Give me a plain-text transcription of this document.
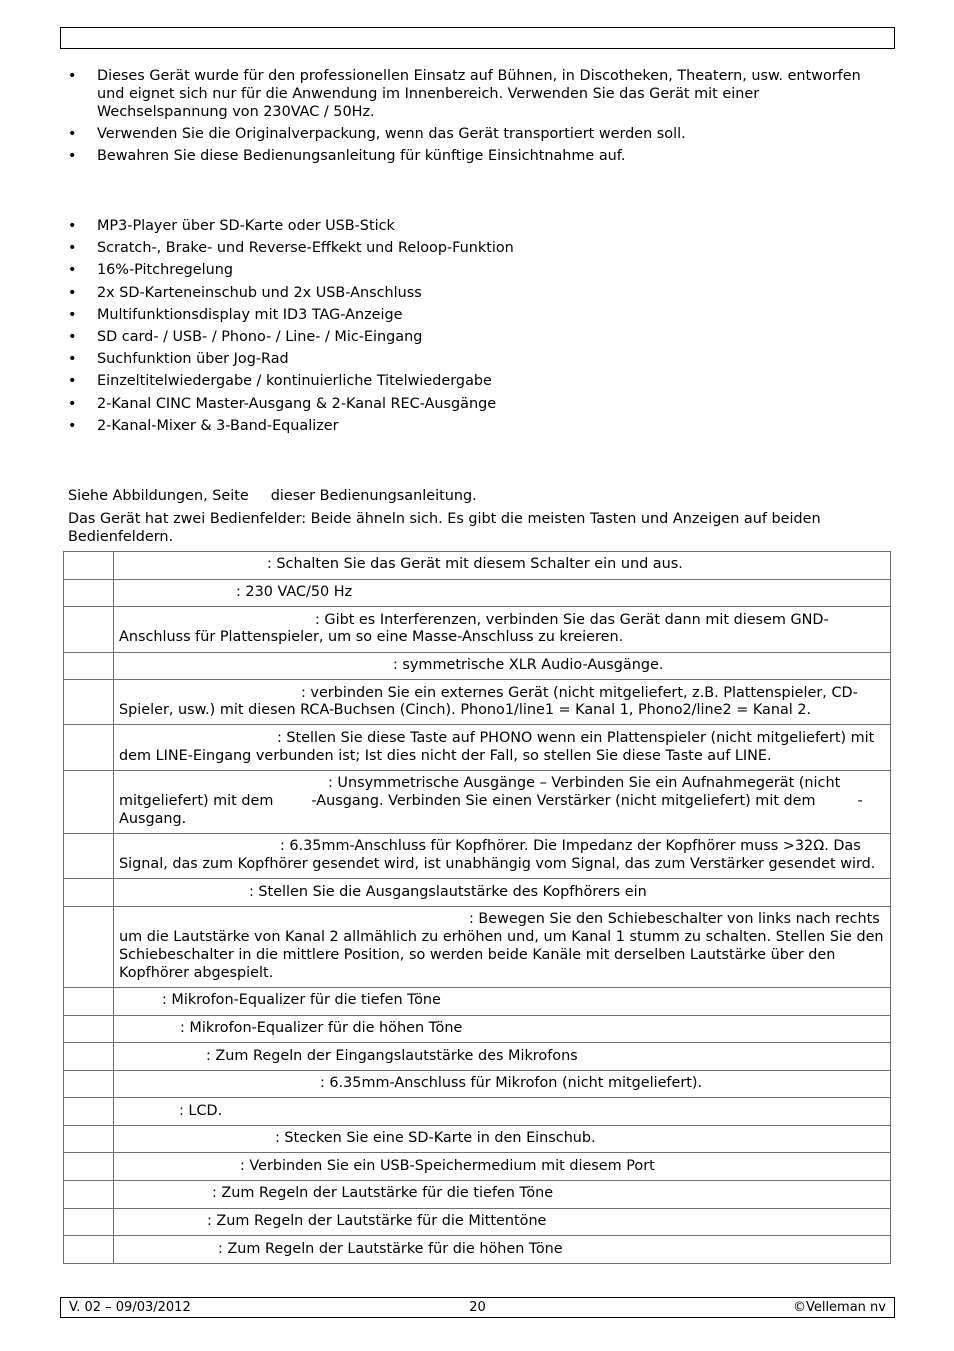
• Dieses Gerät wurde für den professionellen Einsatz auf Bühnen, in Discotheken, Theatern, usw. entworfen und eignet sich nur für die Anwendung im Innenbereich. Verwenden Sie das Gerät mit einer Wechselspannung von 230VAC / 50Hz.
• Verwenden Sie die Originalverpackung, wenn das Gerät transportiert werden soll.
• Bewahren Sie diese Bedienungsanleitung für künftige Einsichtnahme auf.
• MP3-Player über SD-Karte oder USB-Stick
• Scratch-, Brake- und Reverse-Effkekt und Reloop-Funktion
• 16%-Pitchregelung
• 2x SD-Karteneinschub und 2x USB-Anschluss
• Multifunktionsdisplay mit ID3 TAG-Anzeige
• SD card- / USB- / Phono- / Line- / Mic-Eingang
• Suchfunktion über Jog-Rad
• Einzeltitelwiedergabe / kontinuierliche Titelwiedergabe
• 2-Kanal CINC Master-Ausgang & 2-Kanal REC-Ausgänge
• 2-Kanal-Mixer & 3-Band-Equalizer

Siehe Abbildungen, Seite dieser Bedienungsanleitung.

Das Gerät hat zwei Bedienfelder: Beide ähneln sich. Es gibt die meisten Tasten und Anzeigen auf beiden Bedienfeldern.

	: Schalten Sie das Gerät mit diesem Schalter ein und aus.
	: 230 VAC/50 Hz
	: Gibt es Interferenzen, verbinden Sie das Gerät dann mit diesem GND-Anschluss für Plattenspieler, um so eine Masse-Anschluss zu kreieren.
	: symmetrische XLR Audio-Ausgänge.
	: verbinden Sie ein externes Gerät (nicht mitgeliefert, z.B. Plattenspieler, CD-Spieler, usw.) mit diesen RCA-Buchsen (Cinch). Phono1/line1 = Kanal 1, Phono2/line2 = Kanal 2.
	: Stellen Sie diese Taste auf PHONO wenn ein Plattenspieler (nicht mitgeliefert) mit dem LINE-Eingang verbunden ist; Ist dies nicht der Fall, so stellen Sie diese Taste auf LINE.
	: Unsymmetrische Ausgänge – Verbinden Sie ein Aufnahmegerät (nicht mitgeliefert) mit dem -Ausgang. Verbinden Sie einen Verstärker (nicht mitgeliefert) mit dem -Ausgang.
	: 6.35mm-Anschluss für Kopfhörer. Die Impedanz der Kopfhörer muss >32Ω. Das Signal, das zum Kopfhörer gesendet wird, ist unabhängig vom Signal, das zum Verstärker gesendet wird.
	: Stellen Sie die Ausgangslautstärke des Kopfhörers ein
	: Bewegen Sie den Schiebeschalter von links nach rechts um die Lautstärke von Kanal 2 allmählich zu erhöhen und, um Kanal 1 stumm zu schalten. Stellen Sie den Schiebeschalter in die mittlere Position, so werden beide Kanäle mit derselben Lautstärke über den Kopfhörer abgespielt.
	: Mikrofon-Equalizer für die tiefen Töne
	: Mikrofon-Equalizer für die höhen Töne
	: Zum Regeln der Eingangslautstärke des Mikrofons
	: 6.35mm-Anschluss für Mikrofon (nicht mitgeliefert).
	: LCD.
	: Stecken Sie eine SD-Karte in den Einschub.
	: Verbinden Sie ein USB-Speichermedium mit diesem Port
	: Zum Regeln der Lautstärke für die tiefen Töne
	: Zum Regeln der Lautstärke für die Mittentöne
	: Zum Regeln der Lautstärke für die höhen Töne
V. 02 – 09/03/2012	20	©Velleman nv
